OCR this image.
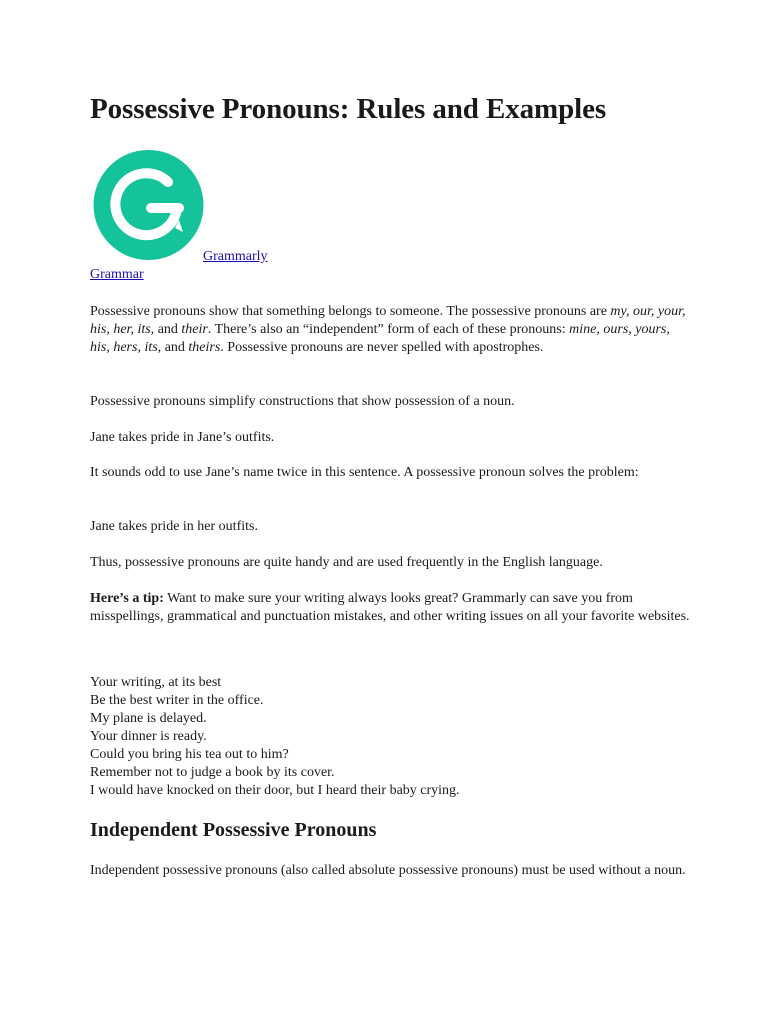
Possessive Pronouns: Rules and Examples
Grammarly
Grammar

Possessive pronouns show that something belongs to someone. The possessive pronouns are my, our, your, his, her, its, and their. There’s also an “independent” form of each of these pronouns: mine, ours, yours, his, hers, its, and theirs. Possessive pronouns are never spelled with apostrophes.

Possessive pronouns simplify constructions that show possession of a noun.

Jane takes pride in Jane’s outfits.

It sounds odd to use Jane’s name twice in this sentence. A possessive pronoun solves the problem:

Jane takes pride in her outfits.

Thus, possessive pronouns are quite handy and are used frequently in the English language.

Here’s a tip: Want to make sure your writing always looks great? Grammarly can save you from misspellings, grammatical and punctuation mistakes, and other writing issues on all your favorite websites.

Your writing, at its best
Be the best writer in the office.
My plane is delayed.
Your dinner is ready.
Could you bring his tea out to him?
Remember not to judge a book by its cover.
I would have knocked on their door, but I heard their baby crying.
Independent Possessive Pronouns

Independent possessive pronouns (also called absolute possessive pronouns) must be used without a noun.
